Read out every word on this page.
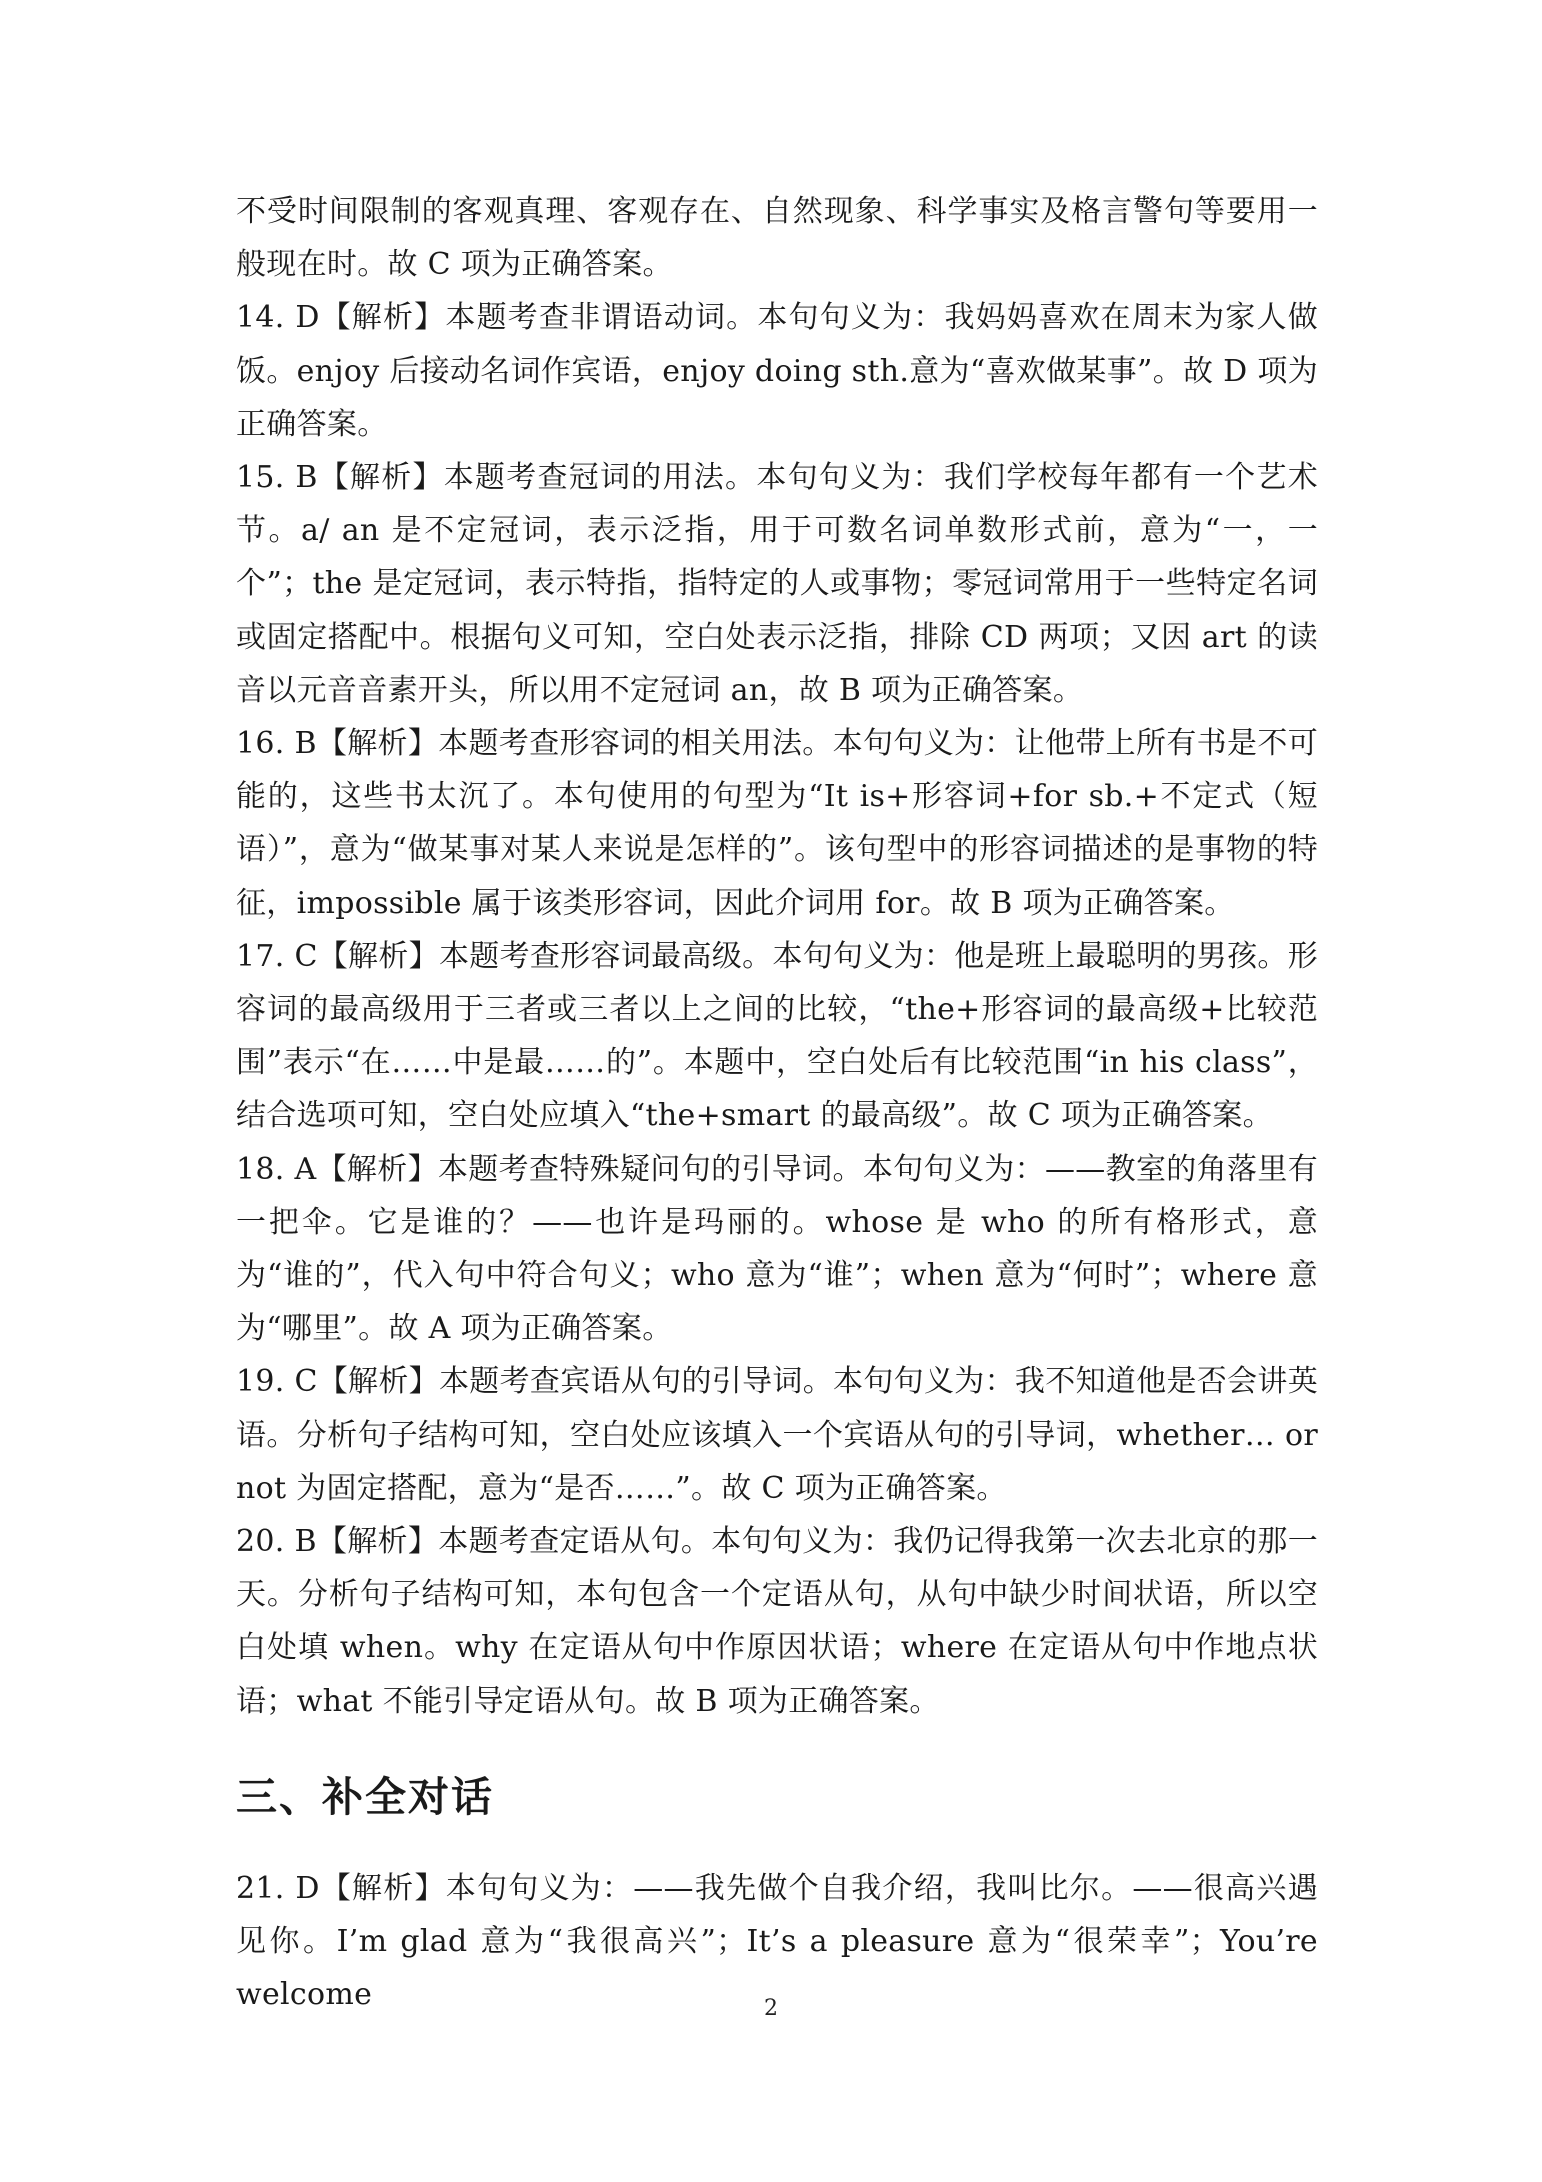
不受时间限制的客观真理、客观存在、自然现象、科学事实及格言警句等要用一般现在时。故 C 项为正确答案。

14. D【解析】本题考查非谓语动词。本句句义为：我妈妈喜欢在周末为家人做饭。enjoy 后接动名词作宾语，enjoy doing sth.意为“喜欢做某事”。故 D 项为正确答案。

15. B【解析】本题考查冠词的用法。本句句义为：我们学校每年都有一个艺术节。a/ an 是不定冠词，表示泛指，用于可数名词单数形式前，意为“一，一个”；the 是定冠词，表示特指，指特定的人或事物；零冠词常用于一些特定名词或固定搭配中。根据句义可知，空白处表示泛指，排除 CD 两项；又因 art 的读音以元音音素开头，所以用不定冠词 an，故 B 项为正确答案。

16. B【解析】本题考查形容词的相关用法。本句句义为：让他带上所有书是不可能的，这些书太沉了。本句使用的句型为“It is+形容词+for sb.+不定式（短语）”，意为“做某事对某人来说是怎样的”。该句型中的形容词描述的是事物的特征，impossible 属于该类形容词，因此介词用 for。故 B 项为正确答案。

17. C【解析】本题考查形容词最高级。本句句义为：他是班上最聪明的男孩。形容词的最高级用于三者或三者以上之间的比较，“the+形容词的最高级+比较范围”表示“在……中是最……的”。本题中，空白处后有比较范围“in his class”，结合选项可知，空白处应填入“the+smart 的最高级”。故 C 项为正确答案。

18. A【解析】本题考查特殊疑问句的引导词。本句句义为：——教室的角落里有一把伞。它是谁的？——也许是玛丽的。whose 是 who 的所有格形式，意为“谁的”，代入句中符合句义；who 意为“谁”；when 意为“何时”；where 意为“哪里”。故 A 项为正确答案。

19. C【解析】本题考查宾语从句的引导词。本句句义为：我不知道他是否会讲英语。分析句子结构可知，空白处应该填入一个宾语从句的引导词，whether… or not 为固定搭配，意为“是否……”。故 C 项为正确答案。

20. B【解析】本题考查定语从句。本句句义为：我仍记得我第一次去北京的那一天。分析句子结构可知，本句包含一个定语从句，从句中缺少时间状语，所以空白处填 when。why 在定语从句中作原因状语；where 在定语从句中作地点状语；what 不能引导定语从句。故 B 项为正确答案。

三、补全对话

21. D【解析】本句句义为：——我先做个自我介绍，我叫比尔。——很高兴遇见你。I’m glad 意为“我很高兴”；It’s a pleasure 意为“很荣幸”；You’re welcome	2
